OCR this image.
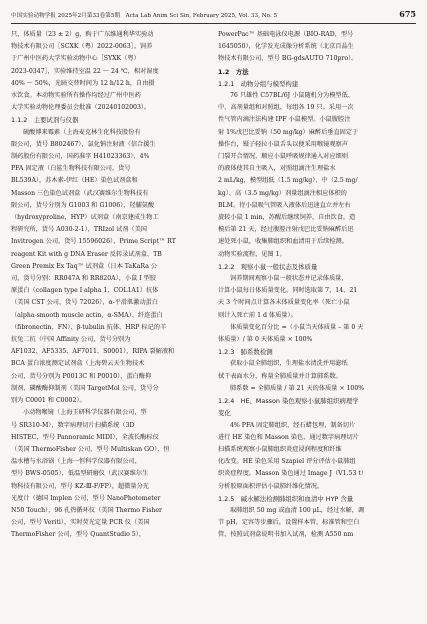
中国实验动物学报 2025年2月第33卷第5期　Acta Lab Anim Sci Sin, February 2025, Vol. 33, No. 5	675

只，体质量（23 ± 2）g，购于广东维通利华实验动

物技术有限公司［SCXK（粤）2022-0063］。饲养

于广州中医药大学实验动物中心［SYXK（粤）

2023-0347］，实验维持室温 22 ～ 24 ℃，相对湿度

40% ～ 50%，光暗交替时间为 12 h/12 h，自由摄

水饮食。本动物实验所有操作均经过广州中医药

大学实验动物伦理委员会批准（20240102003）。

1.1.2　主要试剂与仪器

硫酸博来霉素（上海麦克林生化科技股份有

限公司，货号 B802467），氯化钠注射液（信合援生

制药股份有限公司，国药准字 H41023363），4%

PFA 固定液（白鲨生物科技有限公司，货号

BL539A），苏木素-伊红（HE）染色试剂盒和

Masson 三色染色试剂盒（武汉赛维尔生物科技有

限公司，货号分别为 G1003 和 G1006），羟脯氨酸

（hydroxyproline，HYP）试剂盒（南京建成生物工

程研究所，货号 A030-2-1），TRIzol 试剂（美国

Invitrogen 公司，货号 15596026），Prime Script™ RT

reagent Kit with g DNA Eraser 反转录试剂盒、TB

Green Premix Ex Taq™ 试剂盒（日本 TaKaRa 公

司，货号分别：RR047A 和 RR820A），小鼠 Ⅰ 型胶

原蛋白（collagen type Ⅰ alpha 1，COL1A1）抗体

（美国 CST 公司，货号 72026），α-平滑肌激动蛋白

（alpha-smooth muscle actin，α-SMA）、纤连蛋白

（fibronectin，FN）、β-tubulin 抗体、HRP 标记的羊

抗兔二抗（中国 Affinity 公司，货号分别为

AF1032、AF5335、AF7011、S0001），RIPA 裂解液和

BCA 蛋白浓度测定试剂盒（上海碧云天生物技术

公司，货号分别为 P0013C 和 P0010），蛋白酶抑

制剂、磷酸酶抑制剂（美国 TargetMol 公司，货号分

别为 C0001 和 C0002）。

小动物喉镜（上海玉研科学仪器有限公司，型

号 SR310-M），数字病理切片扫描系统（3D

HISTEC，型号 Pannoramic MIDI），全波长酶标仪

（美国 ThermoFisher 公司，型号 Multiskan GO），恒

温水槽与水浴锅（上海一恒科学仪器有限公司，

型号 BWS-0505），低温型研磨仪（武汉赛维尔生

物科技有限公司，型号 KZ-Ⅲ-F/FP），超微量分光

光度计（德国 Implen 公司，型号 NanoPhotometer

N50 Touch），96 孔热循环仪（美国 Thermo Fisher

公司，型号 Veriti），实时荧光定量 PCR 仪（美国

ThermoFisher 公司，型号 QuantStudio 5），

PowerPac™ 基础电泳仪电源（BIO-RAD，型号

1645050），化学发光成像分析系统（北京百晶生

物技术有限公司，型号 BG-gdsAUTO 710pro）。

1.2　方法

1.2.1　动物分组与模型构建

76 只雄性 C57BL/6J 小鼠随机分为模型低、

中、高剂量组和对照组，每组各 19 只。采用一次

性气管内滴注法构建 IPF 小鼠模型。小鼠腹腔注

射 1%戊巴比妥钠（50 mg/kg）麻醉后垂直固定于

操作台，镊子轻拉小鼠舌头以便采用喉镜观察声

门裂开合情况，顺应小鼠呼吸规律通入对应细则

的液体使其自主吸入，对照组滴注生理盐水

2 mL/kg，模型组低（1.5 mg/kg）、中（2.5 mg/

kg）、高（3.5 mg/kg）剂量组滴注相应体积的

BLM。待小鼠吸气管吸入液体后迅速直立并左右

旋转小鼠 1 min，苏醒后继续饲养，自由饮食。造

模后第 21 天，经过腹腔注射戊巴比妥钠麻醉后迅

速处死小鼠，收集肺组织和血清用于后续检测。

动物实验流程，见图 1。

1.2.2　观察小鼠一般状态及体质量

饲养期间观察小鼠一般状态并记录体质量，

计算小鼠每日体质量变化。同时选取第 7，14，21

天 3 个时间点计算各末体质量变化率（死亡小鼠

则计入死亡前 1 d 体质量）。

体质量变化百分比 =（小鼠当天体质量 – 第 0 天

体质量）/ 第 0 天体质量 × 100%

1.2.3　肺系数检测

获取小鼠全肺组织，生理盐水清洗并用滤纸

拭干表面水分，称量全肺质量并计算肺系数。

肺系数 = 全肺质量 / 第 21 天的体质量 × 100%

1.2.4　HE、Masson 染色观察小鼠肺组织病理学

变化

4% PFA 固定肺组织，经石蜡包埋，制备切片

进行 HE 染色和 Masson 染色，通过数字病理切片

扫描系统观察小鼠肺组织炎症浸润程度和纤维

化改变。HE 染色采用 Szapiel 评分评估小鼠肺组

织炎症程度，Masson 染色通过 Image J（V1.53 t）

分析胶原面积评估小鼠肺纤维化情况。

1.2.5　碱水解法检测肺组织和血清中 HYP 含量

取肺组织 50 mg 或血清 100 μL，经过水解，调

节 pH，定容等步骤后，设置样本管、标准管和空白

管，按照试剂盒说明书加入试剂，检测 A550 nm
